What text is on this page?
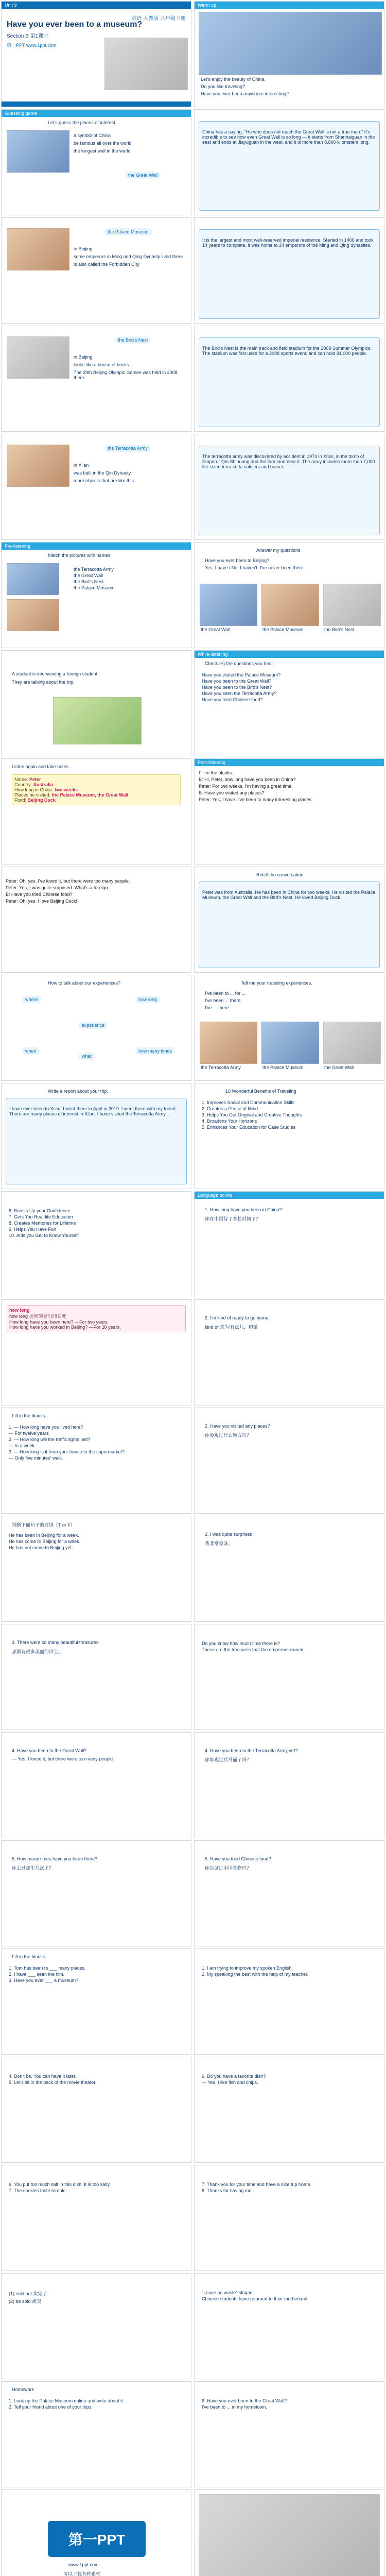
Unit 9
Have you ever been to a museum?
Section B 第1课时
英语 人教版 八年级下册
第一PPT www.1ppt.com
Warm up
Let's enjoy the beauty of China.
Do you like traveling?
Have you ever been anywhere interesting?
Guessing game
Let's guess the places of interest.
a symbol of China
be famous all over the world
the longest wall in the world
the Great Wall

China has a saying, "He who does not reach the Great Wall is not a true man." It's incredible to see how even Great Wall is so long — it starts from Shanhaiguan in the east and ends at Jiayuguan in the west, and it is more than 8,800 kilometers long.

the Palace Museum
in Beijing
some emperors in Ming and Qing Dynasty lived there
is also called the Forbidden City

It is the largest and most well-reserved imperial residence. Started in 1406 and took 14 years to complete, it was home to 24 emperors of the Ming and Qing dynasties.

the Bird's Nest
in Beijing
looks like a house of bricks
The 29th Beijing Olympic Games was held in 2008 there.

The Bird's Nest is the main track and field stadium for the 2008 Summer Olympics. The stadium was first used for a 2008 sports event, and can hold 91,000 people.

the Terracotta Army
in Xi'an
was built in the Qin Dynasty
more objects that are like this

The terracotta army was discovered by accident in 1974 in Xi'an, in the tomb of Emperor Qin Shihuang and the farmland near it. The army includes more than 7,000 life-sized terra cotta soldiers and horses.

Pre-listening
Match the pictures with names.
the Terracotta Army
the Great Wall
the Bird's Nest
the Palace Museum
Answer my questions
Have you ever been to Beijing?
Yes, I have./ No, I haven't. I've never been there.
the Great Wall	the Palace Museum	the Bird's Nest
A student is interviewing a foreign student.
They are talking about the trip.
While-listening
Check (√) the questions you hear.
Have you visited the Palace Museum?
Have you been to the Great Wall?
Have you been to the Bird's Nest?
Have you seen the Terracotta Army?
Have you tried Chinese food?
Listen again and take notes.
Name: Peter
Country: Australia
How long in China: two weeks
Places he visited: the Palace Museum, the Great Wall
Food: Beijing Duck
Post-listening

Fill in the blanks.

B: Hi, Peter, how long have you been in China?

Peter: For two weeks. I'm having a great time.

B: Have you visited any places?

Peter: Yes, I have. I've been to many interesting places.

Peter: Oh, yes. I've loved it, but there were too many people.

Peter: Yes, I was quite surprised. What's a foreign...

B: Have you tried Chinese food?

Peter: Oh, yes. I love Beijing Duck!

Retell the conversation

Peter was from Australia. He has been in China for two weeks. He visited the Palace Museum, the Great Wall and the Bird's Nest. He loved Beijing Duck.

How to talk about our experiences?
experience
where	how long
when
what
how many times
Tell me your traveling experiences.
I've been to ... for ...
I've been ... there
I've ... there
the Terracotta Army	the Palace Museum	the Great Wall
Write a report about your trip.

I have ever been to Xi'an. I went there in April in 2019. I went there with my friend. There are many places of interest in Xi'an. I have visited the Terracotta Army...

10 Wonderful Benefits of Traveling
1. Improves Social and Communication Skills
2. Creates a Peace of Mind
3. Helps You Get Original and Creative Thoughts
4. Broadens Your Horizons
5. Enhances Your Education for Case Studies
6. Boosts Up your Confidence
7. Gets You Real-life Education
8. Creates Memories for Lifetime
9. Helps You Have Fun
10. Aids you Get to Know Yourself
Language points
1. How long have you been in China?
你在中国待了多长时间了？
how long
how long 提问的是时间长度
How long have you been here? —For two years.
How long have you worked in Beijing? —For 10 years.
2. I'm kind of ready to go home.
kind of 意为'有点儿，稍微'
Fill in the blanks.
1. — How long have you lived here?
— For twelve years.
2. — How long will the traffic lights last?
— In a week.
3. — How long is it from your house to the supermarket?
— Only five minutes' walk.
2. Have you visited any places?
你参观过什么地方吗？
判断下面句子的对错（T or F）
He has been in Beijing for a week.
He has come to Beijing for a week.
He has not come to Beijing yet.
3. I was quite surprised.
我非常惊讶。
3. There were so many beautiful treasures.
那里有很多美丽的珍宝。
Do you know how much time there is?
Those are the treasures that the emperors owned.
4. Have you been to the Great Wall?
— Yes, I loved it, but there were too many people.
4. Have you been to the Terracotta Army yet?
你参观过兵马俑了吗？
5. How many times have you been there?
你去过那里几次了？
5. Have you tried Chinese food?
你尝试过中国食物吗？
Fill in the blanks.
1. Tom has been to ___ many places.
2. I have ___ seen the film.
3. Have you ever ___ a museum?
1. I am trying to improve my spoken English.
2. My speaking the best with the help of my teacher.
4. Don't be. You can have it later.
5. Let's sit in the back of the movie theater.
6. Do you have a favorite dish?
— Yes, I like fish and chips.
6. You put too much salt in this dish. It is too salty.
7. The cookies taste terrible.
7. Thank you for your time and have a nice trip home.
8. Thanks for having me.
(1) sold out 卖完了
(2) be sold 被卖
"Leave no waste" slogan
Chinese students have returned to their motherland.
Homework
1. Look up the Palace Museum online and write about it.
2. Tell your friend about one of your trips.
9. Have you ever been to the Great Wall?
I've been to ... in my hometown.
第一PPT
www.1ppt.com
可以下载各种素材
